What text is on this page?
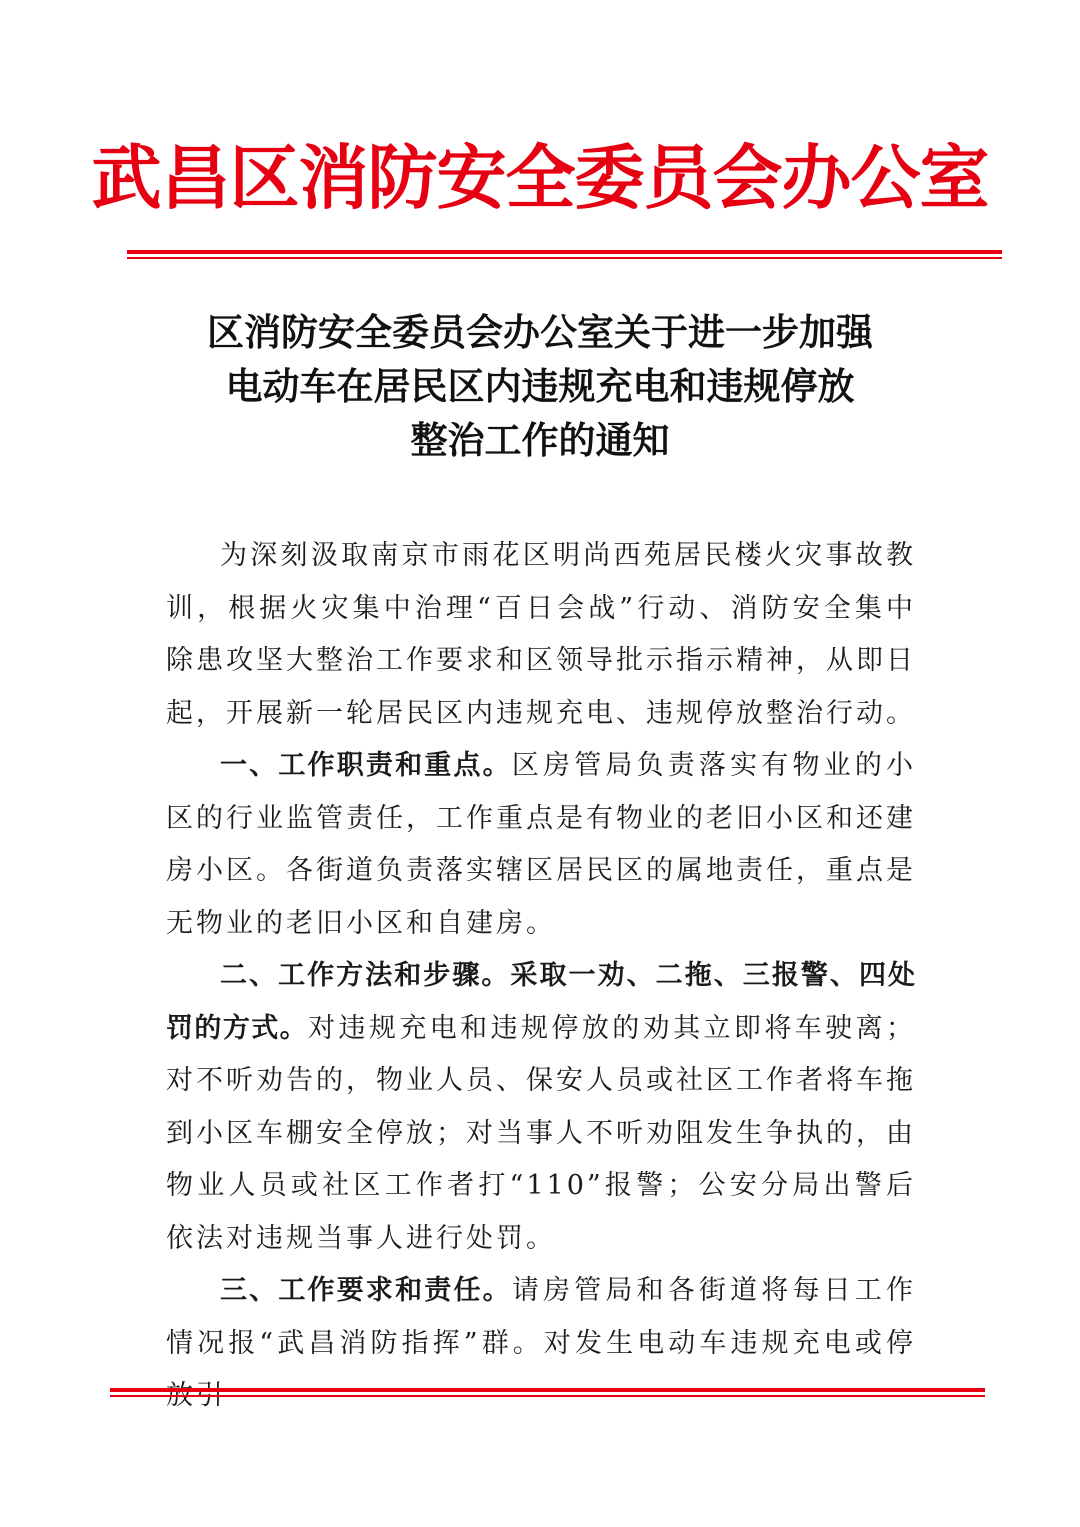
武昌区消防安全委员会办公室
区消防安全委员会办公室关于进一步加强
电动车在居民区内违规充电和违规停放
整治工作的通知

为深刻汲取南京市雨花区明尚西苑居民楼火灾事故教训，根据火灾集中治理“百日会战”行动、消防安全集中除患攻坚大整治工作要求和区领导批示指示精神，从即日起，开展新一轮居民区内违规充电、违规停放整治行动。

一、工作职责和重点。区房管局负责落实有物业的小区的行业监管责任，工作重点是有物业的老旧小区和还建房小区。各街道负责落实辖区居民区的属地责任，重点是无物业的老旧小区和自建房。

二、工作方法和步骤。采取一劝、二拖、三报警、四处罚的方式。对违规充电和违规停放的劝其立即将车驶离；对不听劝告的，物业人员、保安人员或社区工作者将车拖到小区车棚安全停放；对当事人不听劝阻发生争执的，由物业人员或社区工作者打“110”报警；公安分局出警后依法对违规当事人进行处罚。

三、工作要求和责任。请房管局和各街道将每日工作情况报“武昌消防指挥”群。对发生电动车违规充电或停
